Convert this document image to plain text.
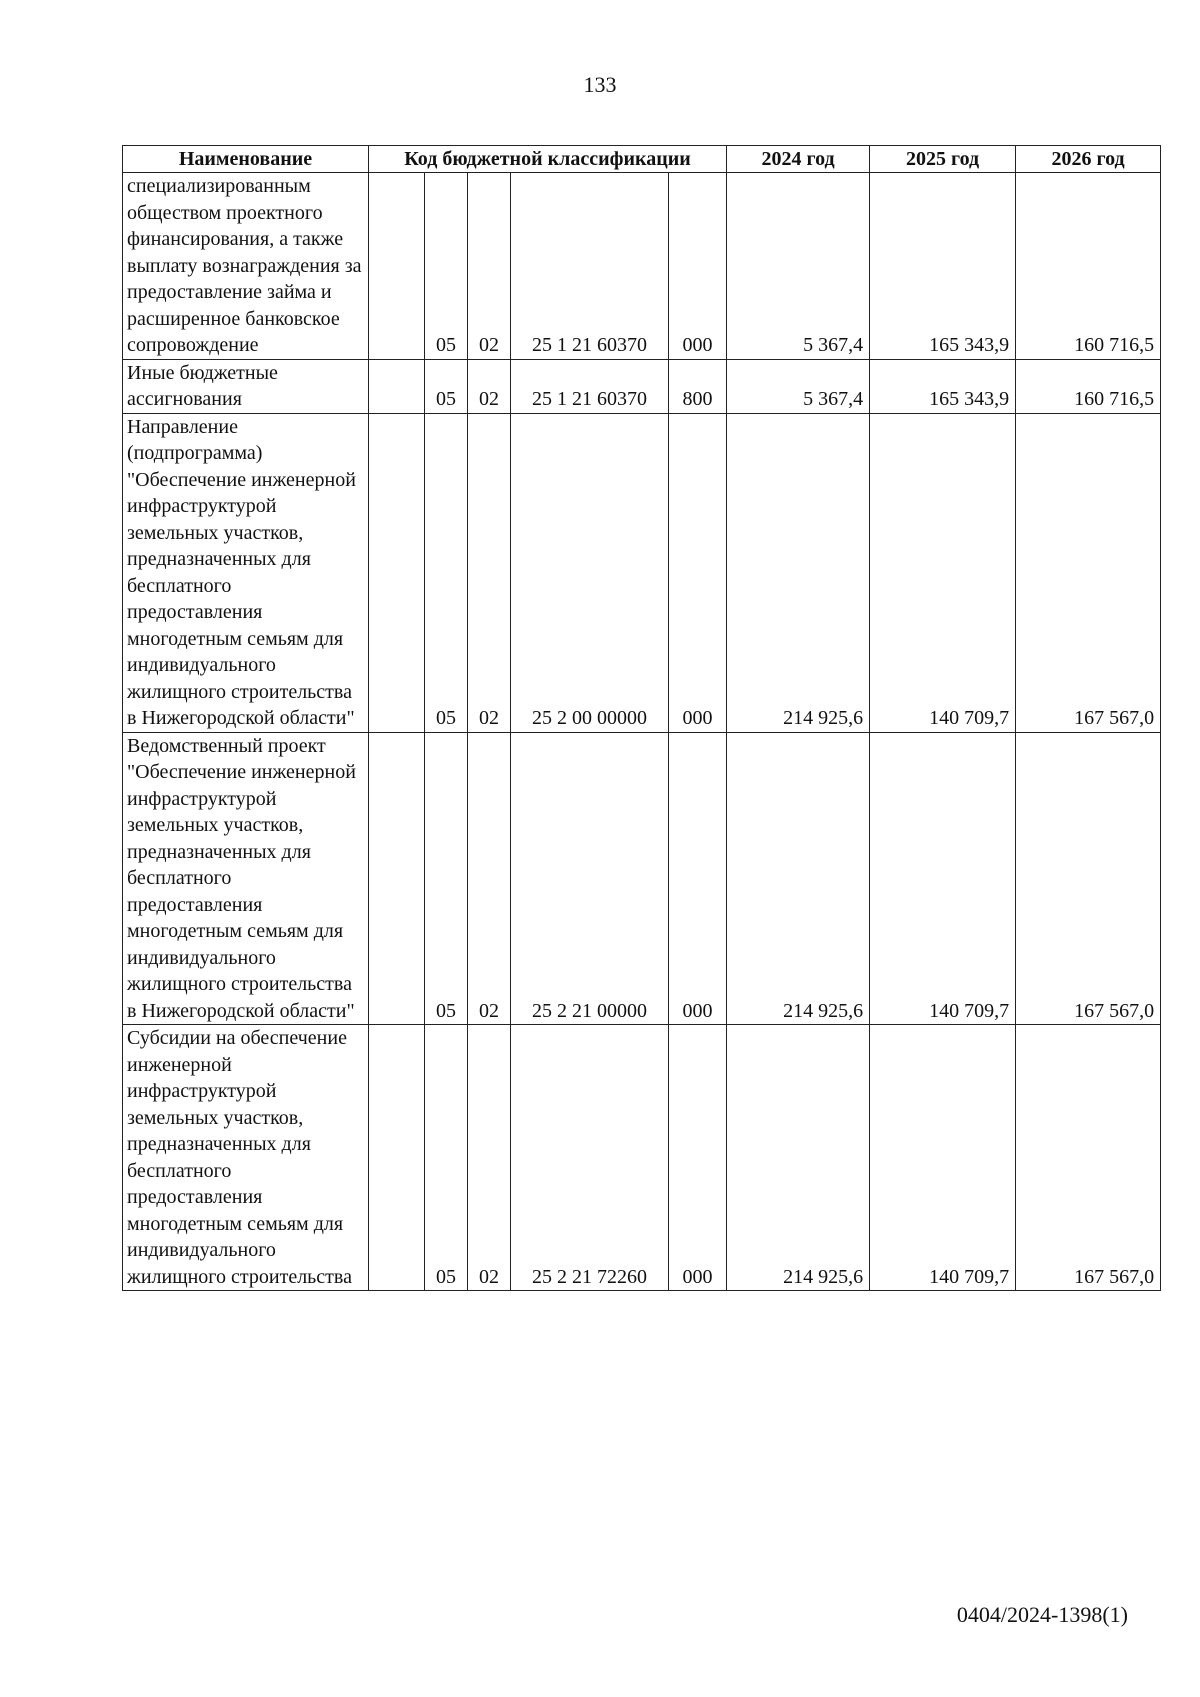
133
Наименование	Код бюджетной классификации					2024 год	2025 год	2026 год
специализированным обществом проектного финансирования, а также выплату вознаграждения за предоставление займа и расширенное банковское сопровождение		05	02	25 1 21 60370	000	5 367,4	165 343,9	160 716,5
Иные бюджетные ассигнования		05	02	25 1 21 60370	800	5 367,4	165 343,9	160 716,5
Направление (подпрограмма) "Обеспечение инженерной инфраструктурой земельных участков, предназначенных для бесплатного предоставления многодетным семьям для индивидуального жилищного строительства в Нижегородской области"		05	02	25 2 00 00000	000	214 925,6	140 709,7	167 567,0
Ведомственный проект "Обеспечение инженерной инфраструктурой земельных участков, предназначенных для бесплатного предоставления многодетным семьям для индивидуального жилищного строительства в Нижегородской области"		05	02	25 2 21 00000	000	214 925,6	140 709,7	167 567,0
Субсидии на обеспечение инженерной инфраструктурой земельных участков, предназначенных для бесплатного предоставления многодетным семьям для индивидуального жилищного строительства		05	02	25 2 21 72260	000	214 925,6	140 709,7	167 567,0
0404/2024-1398(1)
